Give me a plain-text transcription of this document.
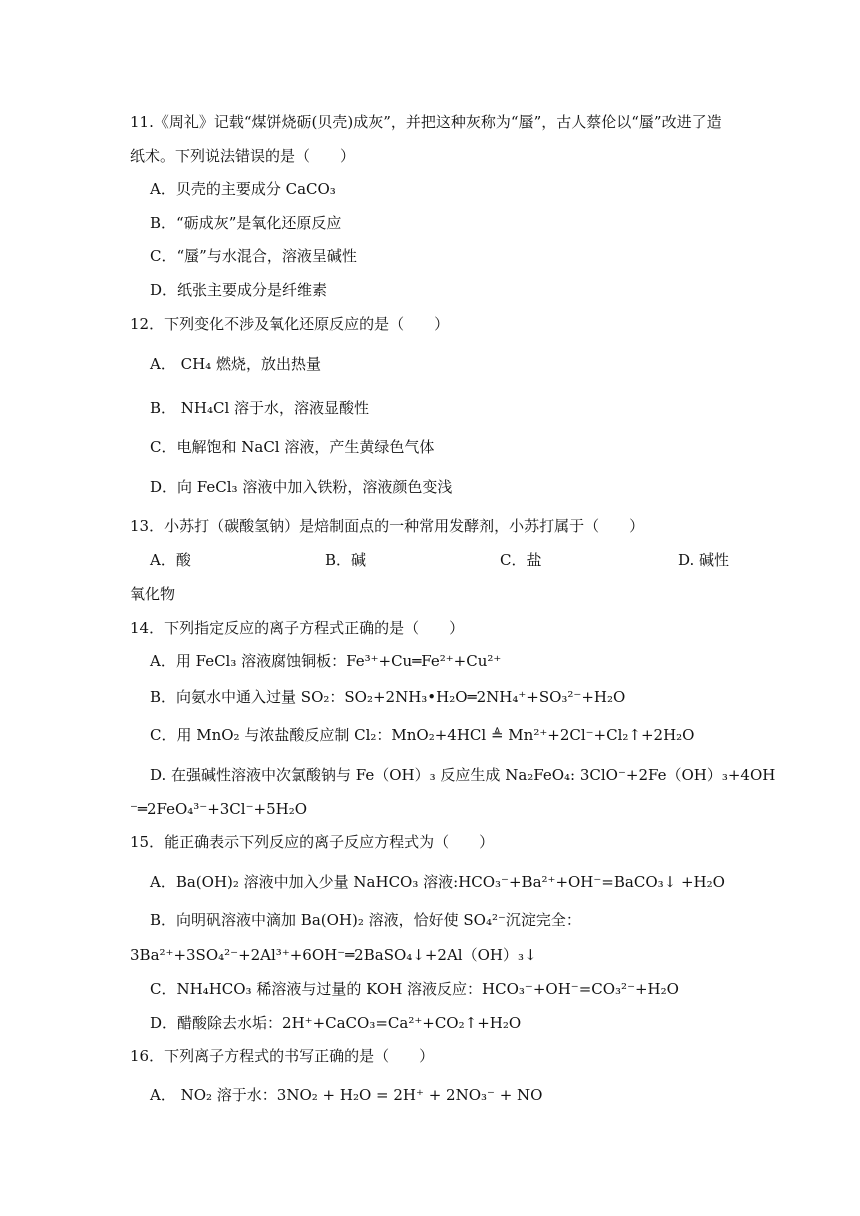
11.《周礼》记载“煤饼烧砺(贝壳)成灰”，并把这种灰称为“蜃”，古人蔡伦以“蜃”改进了造
纸术。下列说法错误的是（　　）
A．贝壳的主要成分 CaCO₃
B．“砺成灰”是氧化还原反应
C．“蜃”与水混合，溶液呈碱性
D．纸张主要成分是纤维素
12．下列变化不涉及氧化还原反应的是（　　）
A． CH₄ 燃烧，放出热量
B． NH₄Cl 溶于水，溶液显酸性
C．电解饱和 NaCl 溶液，产生黄绿色气体
D．向 FeCl₃ 溶液中加入铁粉，溶液颜色变浅
13．小苏打（碳酸氢钠）是焙制面点的一种常用发酵剂，小苏打属于（　　）
A．酸	B．碱	C．盐	D. 碱性
氧化物
14．下列指定反应的离子方程式正确的是（　　）
A．用 FeCl₃ 溶液腐蚀铜板：Fe³⁺+Cu═Fe²⁺+Cu²⁺
B．向氨水中通入过量 SO₂：SO₂+2NH₃•H₂O═2NH₄⁺+SO₃²⁻+H₂O
C．用 MnO₂ 与浓盐酸反应制 Cl₂：MnO₂+4HCl ≜ Mn²⁺+2Cl⁻+Cl₂↑+2H₂O
D. 在强碱性溶液中次氯酸钠与 Fe（OH）₃ 反应生成 Na₂FeO₄: 3ClO⁻+2Fe（OH）₃+4OH
⁻═2FeO₄³⁻+3Cl⁻+5H₂O
15．能正确表示下列反应的离子反应方程式为（　　）
A．Ba(OH)₂ 溶液中加入少量 NaHCO₃ 溶液:HCO₃⁻+Ba²⁺+OH⁻=BaCO₃↓ +H₂O
B．向明矾溶液中滴加 Ba(OH)₂ 溶液，恰好使 SO₄²⁻沉淀完全：
3Ba²⁺+3SO₄²⁻+2Al³⁺+6OH⁻═2BaSO₄↓+2Al（OH）₃↓
C．NH₄HCO₃ 稀溶液与过量的 KOH 溶液反应：HCO₃⁻+OH⁻=CO₃²⁻+H₂O
D．醋酸除去水垢：2H⁺+CaCO₃=Ca²⁺+CO₂↑+H₂O
16．下列离子方程式的书写正确的是（　　）
A． NO₂ 溶于水：3NO₂ + H₂O = 2H⁺ + 2NO₃⁻ + NO
